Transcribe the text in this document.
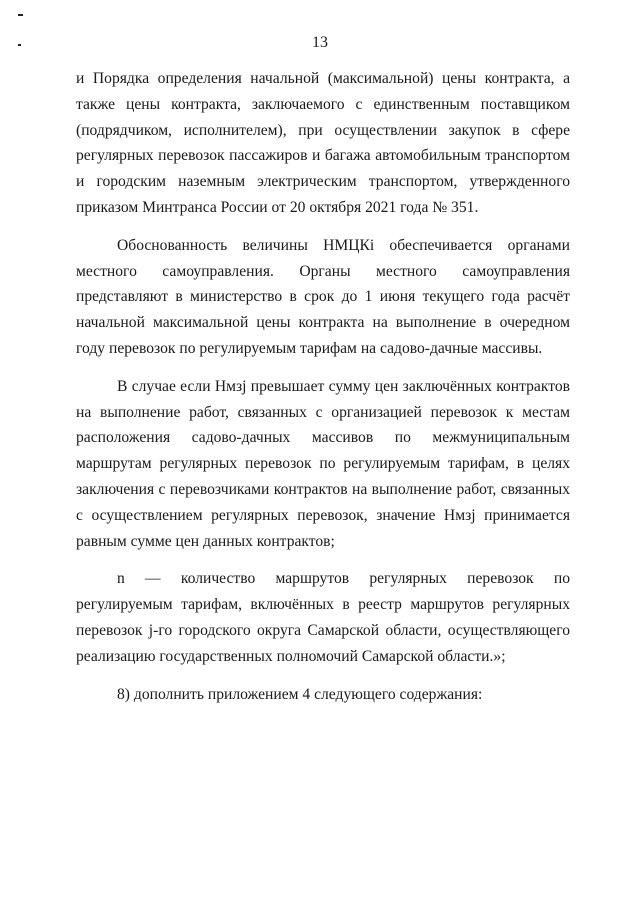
13

и Порядка определения начальной (максимальной) цены контракта, а также цены контракта, заключаемого с единственным поставщиком (подрядчиком, исполнителем), при осуществлении закупок в сфере регулярных перевозок пассажиров и багажа автомобильным транспортом и городским наземным электрическим транспортом, утвержденного приказом Минтранса России от 20 октября 2021 года № 351.

Обоснованность величины НМЦКi обеспечивается органами местного самоуправления. Органы местного самоуправления представляют в министерство в срок до 1 июня текущего года расчёт начальной максимальной цены контракта на выполнение в очередном году перевозок по регулируемым тарифам на садово-дачные массивы.

В случае если Нмзj превышает сумму цен заключённых контрактов на выполнение работ, связанных с организацией перевозок к местам расположения садово-дачных массивов по межмуниципальным маршрутам регулярных перевозок по регулируемым тарифам, в целях заключения с перевозчиками контрактов на выполнение работ, связанных с осуществлением регулярных перевозок, значение Нмзj принимается равным сумме цен данных контрактов;

n — количество маршрутов регулярных перевозок по регулируемым тарифам, включённых в реестр маршрутов регулярных перевозок j-го городского округа Самарской области, осуществляющего реализацию государственных полномочий Самарской области.»;

8) дополнить приложением 4 следующего содержания:
